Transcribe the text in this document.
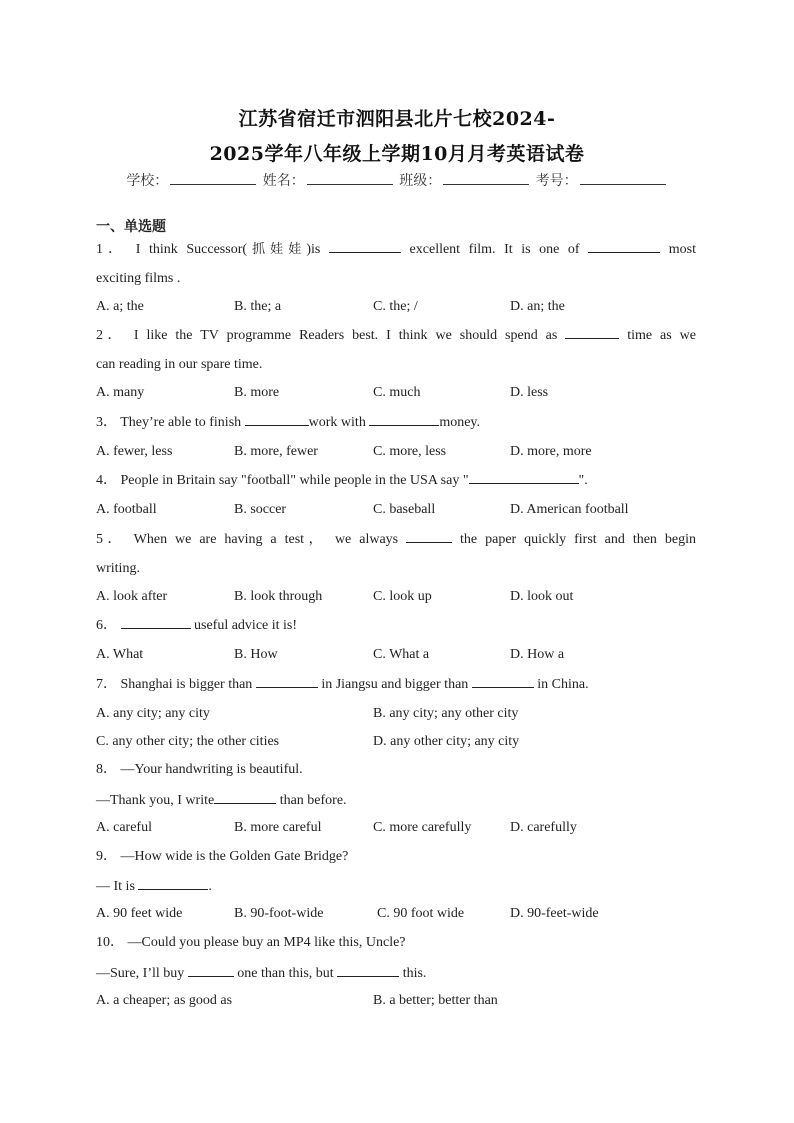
江苏省宿迁市泗阳县北片七校2024-
2025学年八年级上学期10月月考英语试卷
学校：	姓名：	班级：	考号：
一、单选题
1． I think Successor(抓娃娃)is	excellent film. It is one of	most
exciting films .
A. a; the	B. the; a	C. the; /	D. an; the
2． I like the TV programme Readers best. I think we should spend as	time as we
can reading in our spare time.
A. many	B. more	C. much	D. less
3． They’re able to finish	work with	money.
A. fewer, less	B. more, fewer	C. more, less	D. more, more
4． People in Britain say "football" while people in the USA say "	".
A. football	B. soccer	C. baseball	D. American football
5． When we are having a test， we always	the paper quickly first and then begin
writing.
A. look after	B. look through	C. look up	D. look out
6．	useful advice it is!
A. What	B. How	C. What a	D. How a
7． Shanghai is bigger than	in Jiangsu and bigger than	in China.
A. any city; any city	B. any city; any other city
C. any other city; the other cities	D. any other city; any city
8． —Your handwriting is beautiful.
—Thank you, I write	than before.
A. careful	B. more careful	C. more carefully	D. carefully
9． —How wide is the Golden Gate Bridge?
— It is	.
A. 90 feet wide	B. 90-foot-wide	C. 90 foot wide	D. 90-feet-wide
10． —Could you please buy an MP4 like this, Uncle?
—Sure, I’ll buy	one than this, but	this.
A. a cheaper; as good as	B. a better; better than
